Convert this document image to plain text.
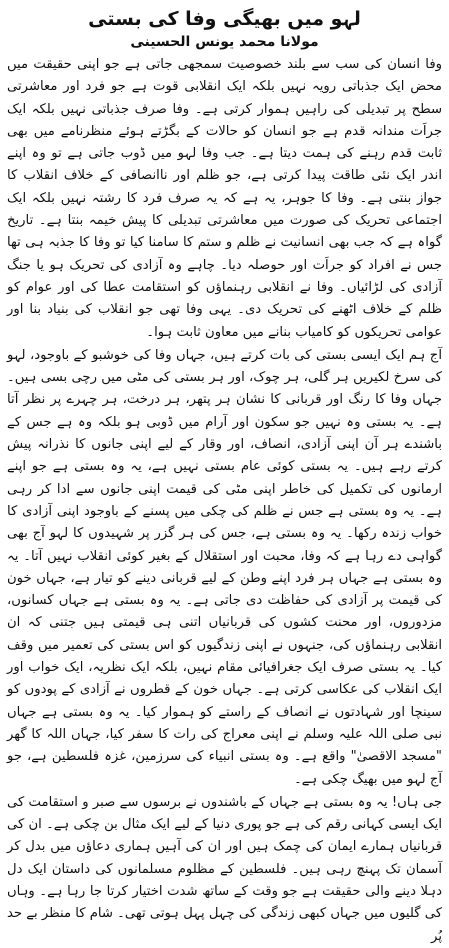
لہو میں بھیگی وفا کی بستی
مولانا محمد یونس الحسینی

وفا انسان کی سب سے بلند خصوصیت سمجھی جاتی ہے جو اپنی حقیقت میں محض ایک جذباتی رویہ نہیں بلکہ ایک انقلابی قوت ہے جو فرد اور معاشرتی سطح پر تبدیلی کی راہیں ہموار کرتی ہے۔ وفا صرف جذباتی نہیں بلکہ ایک جراَت مندانہ قدم ہے جو انسان کو حالات کے بگڑتے ہوئے منظرنامے میں بھی ثابت قدم رہنے کی ہمت دیتا ہے۔ جب وفا لہو میں ڈوب جاتی ہے تو وہ اپنے اندر ایک نئی طاقت پیدا کرتی ہے، جو ظلم اور ناانصافی کے خلاف انقلاب کا جواز بنتی ہے۔ وفا کا جوہر، یہ ہے کہ یہ صرف فرد کا رشتہ نہیں بلکہ ایک اجتماعی تحریک کی صورت میں معاشرتی تبدیلی کا پیش خیمہ بنتا ہے۔ تاریخ گواہ ہے کہ جب بھی انسانیت نے ظلم و ستم کا سامنا کیا تو وفا کا جذبہ ہی تھا جس نے افراد کو جراَت اور حوصلہ دیا۔ چاہے وہ آزادی کی تحریک ہو یا جنگ آزادی کی لڑائیاں۔ وفا نے انقلابی رہنماؤں کو استقامت عطا کی اور عوام کو ظلم کے خلاف اٹھنے کی تحریک دی۔ یہی وفا تھی جو انقلاب کی بنیاد بنا اور عوامی تحریکوں کو کامیاب بنانے میں معاون ثابت ہوا۔

آج ہم ایک ایسی بستی کی بات کرتے ہیں، جہاں وفا کی خوشبو کے باوجود، لہو کی سرخ لکیریں ہر گلی، ہر چوک، اور ہر بستی کی مٹی میں رچی بسی ہیں۔ جہاں وفا کا رنگ اور قربانی کا نشان ہر پتھر، ہر درخت، ہر چہرے پر نظر آتا ہے۔ یہ بستی وہ نہیں جو سکون اور آرام میں ڈوبی ہو بلکہ وہ ہے جس کے باشندے ہر آن اپنی آزادی، انصاف، اور وقار کے لیے اپنی جانوں کا نذرانہ پیش کرتے رہے ہیں۔ یہ بستی کوئی عام بستی نہیں ہے، یہ وہ بستی ہے جو اپنے ارمانوں کی تکمیل کی خاطر اپنی مٹی کی قیمت اپنی جانوں سے ادا کر رہی ہے۔ یہ وہ بستی ہے جس نے ظلم کی چکی میں پسنے کے باوجود اپنی آزادی کا خواب زندہ رکھا۔ یہ وہ بستی ہے، جس کی ہر گزر پر شہیدوں کا لہو آج بھی گواہی دے رہا ہے کہ وفا، محبت اور استقلال کے بغیر کوئی انقلاب نہیں آتا۔ یہ وہ بستی ہے جہاں ہر فرد اپنے وطن کے لیے قربانی دینے کو تیار ہے، جہاں خون کی قیمت پر آزادی کی حفاظت دی جاتی ہے۔ یہ وہ بستی ہے جہاں کسانوں، مزدوروں، اور محنت کشوں کی قربانیاں اتنی ہی قیمتی ہیں جتنی کہ ان انقلابی رہنماؤں کی، جنہوں نے اپنی زندگیوں کو اس بستی کی تعمیر میں وقف کیا۔ یہ بستی صرف ایک جغرافیائی مقام نہیں، بلکہ ایک نظریہ، ایک خواب اور ایک انقلاب کی عکاسی کرتی ہے۔ جہاں خون کے قطروں نے آزادی کے پودوں کو سینچا اور شہادتوں نے انصاف کے راستے کو ہموار کیا۔ یہ وہ بستی ہے جہاں نبی صلی اللہ علیہ وسلم نے اپنی معراج کی رات کا سفر کیا، جہاں اللہ کا گھر "مسجد الاقصیٰ" واقع ہے۔ وہ بستی انبیاء کی سرزمین، غزہ فلسطین ہے، جو آج لہو میں بھیگ چکی ہے۔

جی ہاں! یہ وہ بستی ہے جہاں کے باشندوں نے برسوں سے صبر و استقامت کی ایک ایسی کہانی رقم کی ہے جو پوری دنیا کے لیے ایک مثال بن چکی ہے۔ ان کی قربانیاں ہمارے ایمان کی چمک ہیں اور ان کی آہیں ہماری دعاؤں میں بدل کر آسمان تک پہنچ رہی ہیں۔ فلسطین کے مظلوم مسلمانوں کی داستان ایک دل دہلا دینے والی حقیقت ہے جو وقت کے ساتھ شدت اختیار کرتا جا رہا ہے۔ وہاں کی گلیوں میں جہاں کبھی زندگی کی چہل پہل ہوتی تھی۔ شام کا منظر بے حد پُر
